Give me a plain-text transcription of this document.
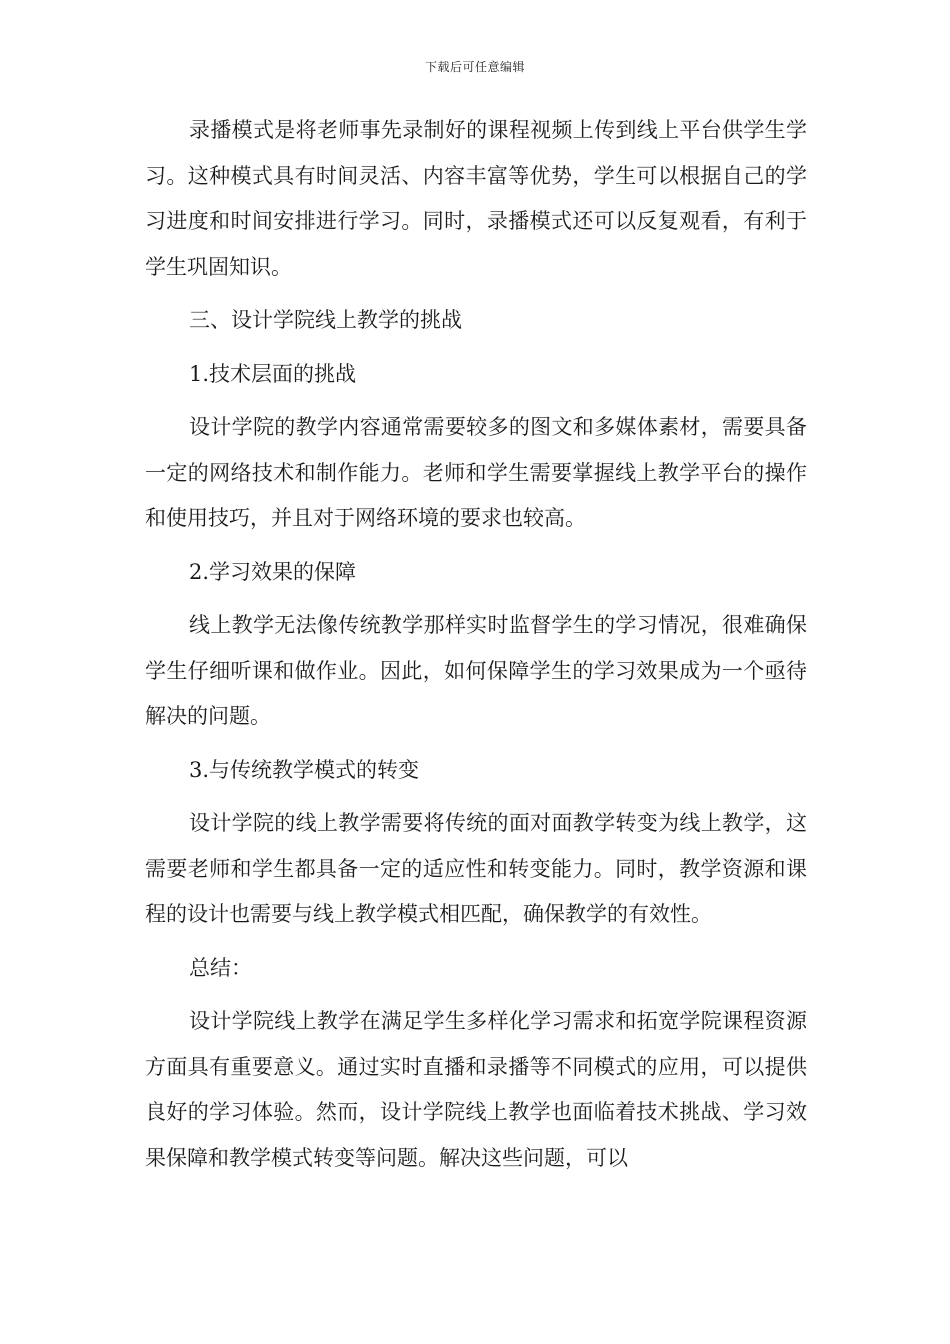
下载后可任意编辑

录播模式是将老师事先录制好的课程视频上传到线上平台供学生学习。这种模式具有时间灵活、内容丰富等优势，学生可以根据自己的学习进度和时间安排进行学习。同时，录播模式还可以反复观看，有利于学生巩固知识。

三、设计学院线上教学的挑战

1.技术层面的挑战

设计学院的教学内容通常需要较多的图文和多媒体素材，需要具备一定的网络技术和制作能力。老师和学生需要掌握线上教学平台的操作和使用技巧，并且对于网络环境的要求也较高。

2.学习效果的保障

线上教学无法像传统教学那样实时监督学生的学习情况，很难确保学生仔细听课和做作业。因此，如何保障学生的学习效果成为一个亟待解决的问题。

3.与传统教学模式的转变

设计学院的线上教学需要将传统的面对面教学转变为线上教学，这需要老师和学生都具备一定的适应性和转变能力。同时，教学资源和课程的设计也需要与线上教学模式相匹配，确保教学的有效性。

总结：

设计学院线上教学在满足学生多样化学习需求和拓宽学院课程资源方面具有重要意义。通过实时直播和录播等不同模式的应用，可以提供良好的学习体验。然而，设计学院线上教学也面临着技术挑战、学习效果保障和教学模式转变等问题。解决这些问题，可以
